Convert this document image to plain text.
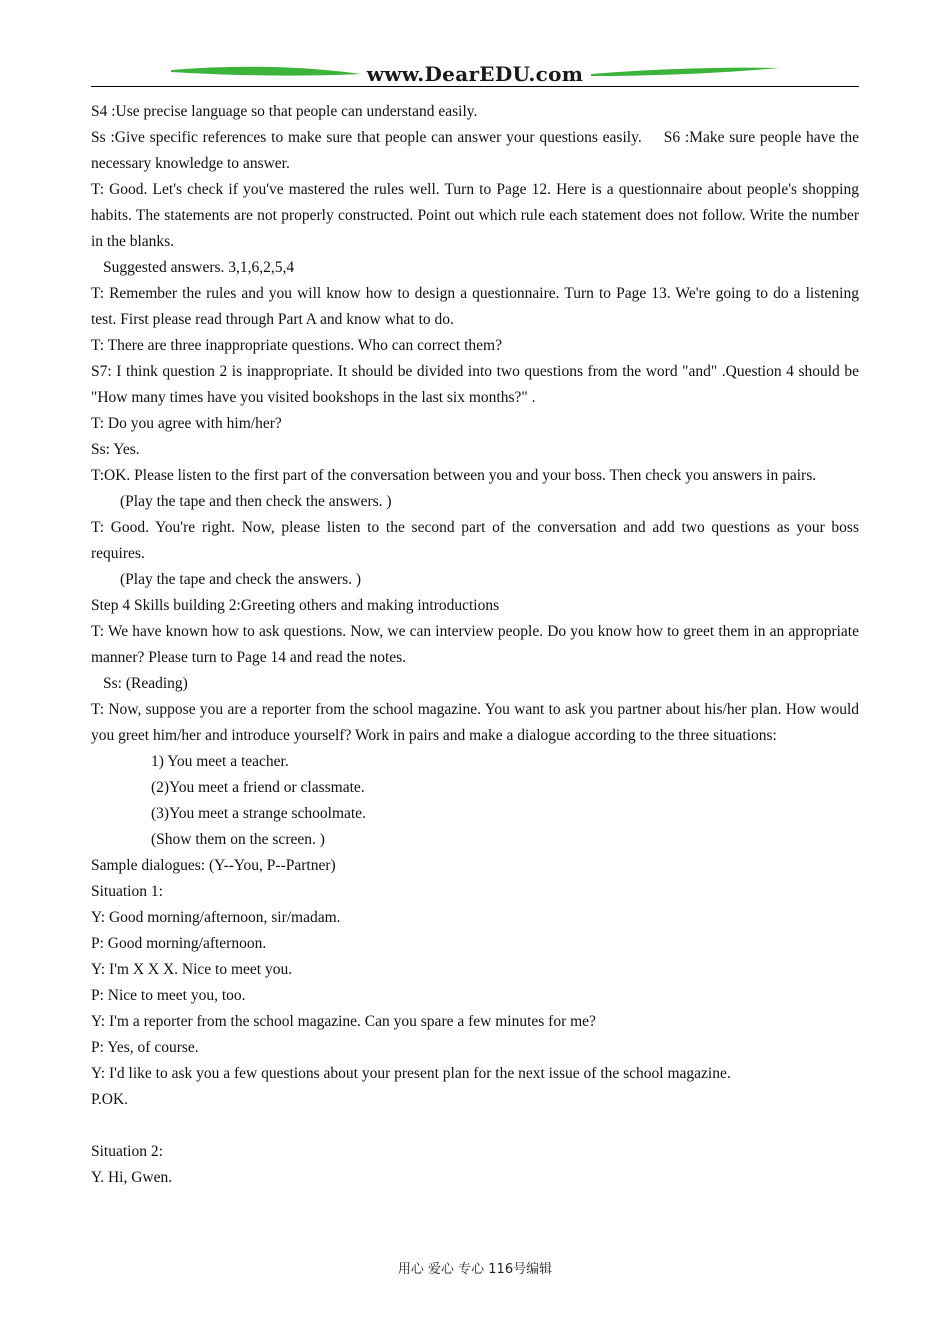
www.DearEDU.com
S4 :Use precise language so that people can understand easily.
Ss :Give specific references to make sure that people can answer your questions easily. S6 :Make sure people have the necessary knowledge to answer.
T: Good. Let's check if you've mastered the rules well. Turn to Page 12. Here is a questionnaire about people's shopping habits. The statements are not properly constructed. Point out which rule each statement does not follow. Write the number in the blanks.
Suggested answers. 3,1,6,2,5,4
T: Remember the rules and you will know how to design a questionnaire. Turn to Page 13. We're going to do a listening test. First please read through Part A and know what to do.
T: There are three inappropriate questions. Who can correct them?
S7: I think question 2 is inappropriate. It should be divided into two questions from the word "and" .Question 4 should be "How many times have you visited bookshops in the last six months?" .
T: Do you agree with him/her?
Ss: Yes.
T:OK. Please listen to the first part of the conversation between you and your boss. Then check you answers in pairs.
(Play the tape and then check the answers. )
T: Good. You're right. Now, please listen to the second part of the conversation and add two questions as your boss requires.
(Play the tape and check the answers. )
Step 4 Skills building 2:Greeting others and making introductions
T: We have known how to ask questions. Now, we can interview people. Do you know how to greet them in an appropriate manner? Please turn to Page 14 and read the notes.
Ss: (Reading)
T: Now, suppose you are a reporter from the school magazine. You want to ask you partner about his/her plan. How would you greet him/her and introduce yourself? Work in pairs and make a dialogue according to the three situations:
1) You meet a teacher.
(2)You meet a friend or classmate.
(3)You meet a strange schoolmate.
(Show them on the screen. )
Sample dialogues: (Y--You, P--Partner)
Situation 1:
Y: Good morning/afternoon, sir/madam.
P: Good morning/afternoon.
Y: I'm X X X. Nice to meet you.
P: Nice to meet you, too.
Y: I'm a reporter from the school magazine. Can you spare a few minutes for me?
P: Yes, of course.
Y: I'd like to ask you a few questions about your present plan for the next issue of the school magazine.
P.OK.
Situation 2:
Y. Hi, Gwen.
用心 爱心 专心 116号编辑
